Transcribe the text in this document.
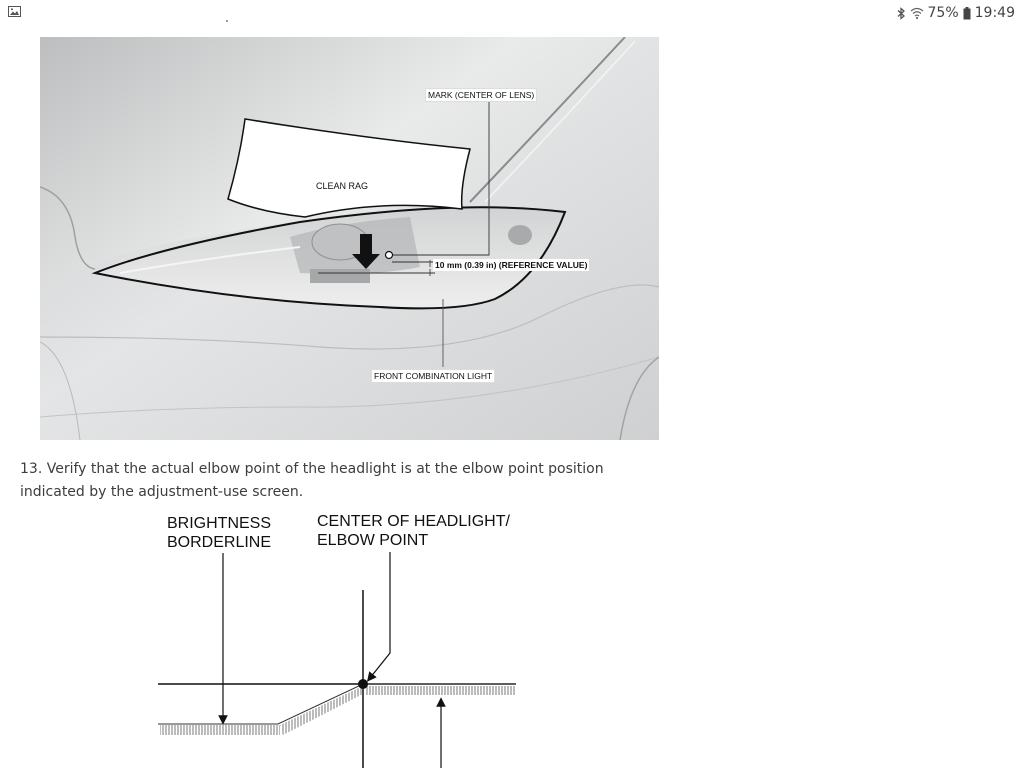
75% 19:49
CLEAN RAG
MARK (CENTER OF LENS)
10 mm (0.39 in) (REFERENCE VALUE)
FRONT COMBINATION LIGHT
13. Verify that the actual elbow point of the headlight is at the elbow point position indicated by the adjustment-use screen.
BRIGHTNESS
BORDERLINE
CENTER OF HEADLIGHT/
ELBOW POINT
